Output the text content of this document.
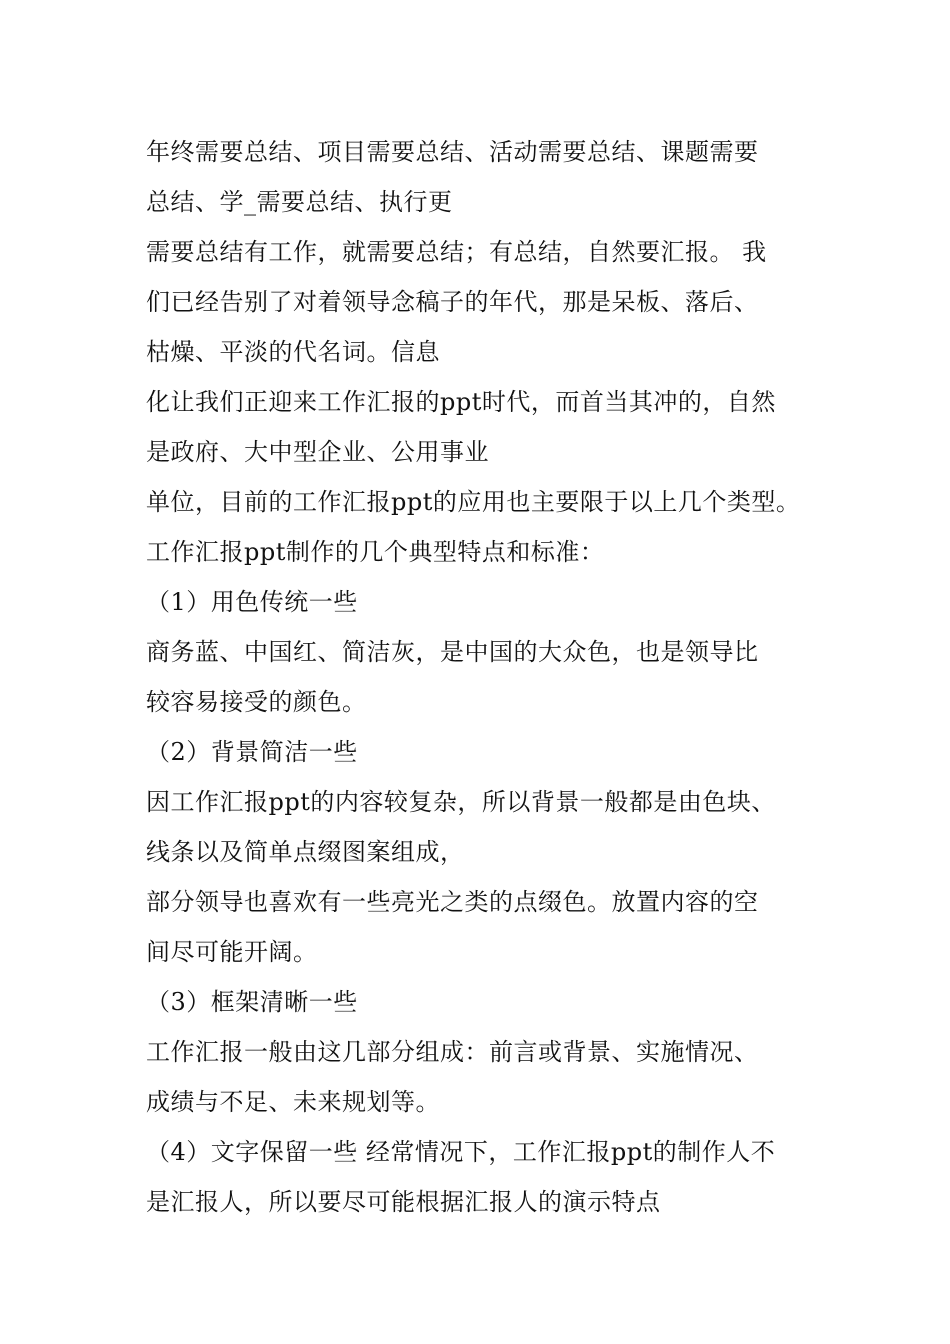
年终需要总结、项目需要总结、活动需要总结、课题需要
总结、学_需要总结、执行更
需要总结有工作，就需要总结；有总结，自然要汇报。 我
们已经告别了对着领导念稿子的年代，那是呆板、落后、
枯燥、平淡的代名词。信息
化让我们正迎来工作汇报的ppt时代，而首当其冲的，自然
是政府、大中型企业、公用事业
单位，目前的工作汇报ppt的应用也主要限于以上几个类型。
工作汇报ppt制作的几个典型特点和标准：
（1）用色传统一些
商务蓝、中国红、简洁灰，是中国的大众色，也是领导比
较容易接受的颜色。
（2）背景简洁一些
因工作汇报ppt的内容较复杂，所以背景一般都是由色块、
线条以及简单点缀图案组成，
部分领导也喜欢有一些亮光之类的点缀色。放置内容的空
间尽可能开阔。
（3）框架清晰一些
工作汇报一般由这几部分组成：前言或背景、实施情况、
成绩与不足、未来规划等。
（4）文字保留一些 经常情况下，工作汇报ppt的制作人不
是汇报人，所以要尽可能根据汇报人的演示特点
